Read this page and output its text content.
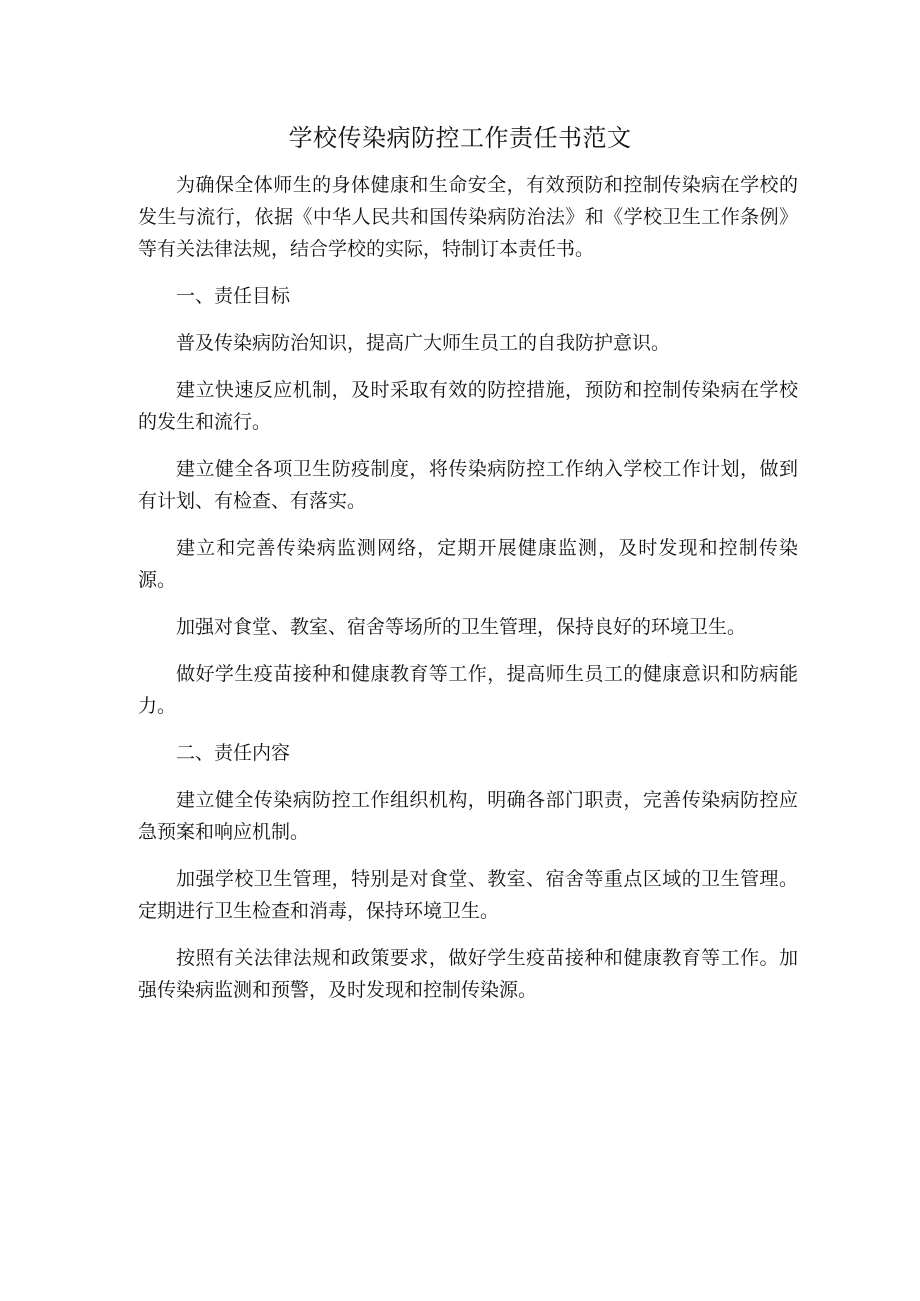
学校传染病防控工作责任书范文

为确保全体师生的身体健康和生命安全，有效预防和控制传染病在学校的发生与流行，依据《中华人民共和国传染病防治法》和《学校卫生工作条例》等有关法律法规，结合学校的实际，特制订本责任书。

一、责任目标

普及传染病防治知识，提高广大师生员工的自我防护意识。

建立快速反应机制，及时采取有效的防控措施，预防和控制传染病在学校的发生和流行。

建立健全各项卫生防疫制度，将传染病防控工作纳入学校工作计划，做到有计划、有检查、有落实。

建立和完善传染病监测网络，定期开展健康监测，及时发现和控制传染源。

加强对食堂、教室、宿舍等场所的卫生管理，保持良好的环境卫生。

做好学生疫苗接种和健康教育等工作，提高师生员工的健康意识和防病能力。

二、责任内容

建立健全传染病防控工作组织机构，明确各部门职责，完善传染病防控应急预案和响应机制。

加强学校卫生管理，特别是对食堂、教室、宿舍等重点区域的卫生管理。定期进行卫生检查和消毒，保持环境卫生。

按照有关法律法规和政策要求，做好学生疫苗接种和健康教育等工作。加强传染病监测和预警，及时发现和控制传染源。
